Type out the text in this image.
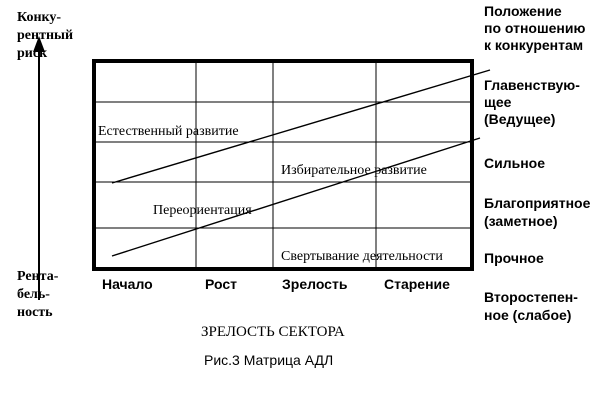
Конку-
рентный
риск
Рента-
бель-
ность
Положение
по отношению
к конкурентам
Главенствую-
щее
(Ведущее)
Сильное
Благоприятное
(заметное)
Прочное
Второстепен-
ное (слабое)
Начало	Рост	Зрелость	Старение
Естественный развитие
Избирательное развитие
Переориентация
Свертывание деятельности
ЗРЕЛОСТЬ СЕКТОРА
Рис.3 Матрица АДЛ
